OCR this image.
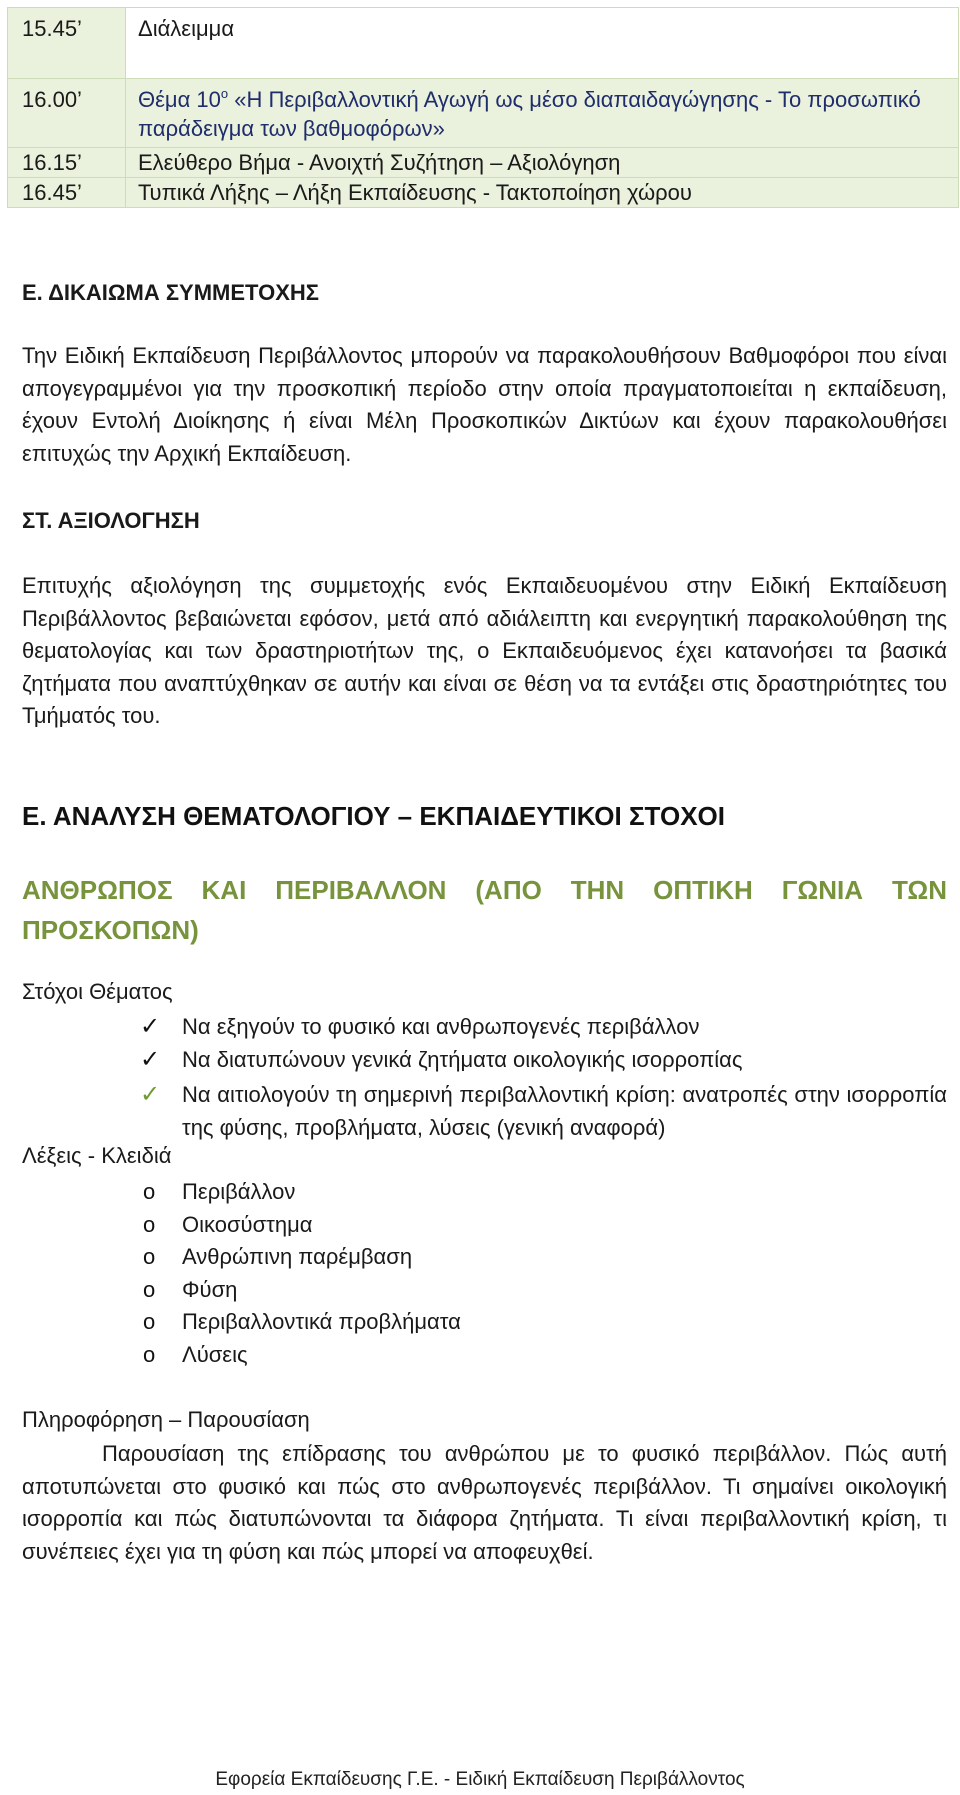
15.45’	Διάλειμμα
16.00’	Θέμα $10^o$ «Η Περιβαλλοντική Αγωγή ως μέσο διαπαιδαγώγησης - Το προσωπικό παράδειγμα των βαθμοφόρων»
16.15’	Ελεύθερο Βήμα - Ανοιχτή Συζήτηση – Αξιολόγηση
16.45’	Τυπικά Λήξης – Λήξη Εκπαίδευσης - Τακτοποίηση χώρου
Ε. ΔΙΚΑΙΩΜΑ ΣΥΜΜΕΤΟΧΗΣ
Την Ειδική Εκπαίδευση Περιβάλλοντος μπορούν να παρακολουθήσουν Βαθμοφόροι που είναι απογεγραμμένοι για την προσκοπική περίοδο στην οποία πραγματοποιείται η εκπαίδευση, έχουν Εντολή Διοίκησης ή είναι Μέλη Προσκοπικών Δικτύων και έχουν παρακολουθήσει επιτυχώς την Αρχική Εκπαίδευση.
ΣΤ. ΑΞΙΟΛΟΓΗΣΗ
Επιτυχής αξιολόγηση της συμμετοχής ενός Εκπαιδευομένου στην Ειδική Εκπαίδευση Περιβάλλοντος βεβαιώνεται εφόσον, μετά από αδιάλειπτη και ενεργητική παρακολούθηση της θεματολογίας και των δραστηριοτήτων της, ο Εκπαιδευόμενος έχει κατανοήσει τα βασικά ζητήματα που αναπτύχθηκαν σε αυτήν και είναι σε θέση να τα εντάξει στις δραστηριότητες του Τμήματός του.
Ε. ΑΝΑΛΥΣΗ ΘΕΜΑΤΟΛΟΓΙΟΥ – ΕΚΠΑΙΔΕΥΤΙΚΟΙ ΣΤΟΧΟΙ
ΑΝΘΡΩΠΟΣ ΚΑΙ ΠΕΡΙΒΑΛΛΟΝ (ΑΠΟ ΤΗΝ ΟΠΤΙΚΗ ΓΩΝΙΑ ΤΩΝ ΠΡΟΣΚΟΠΩΝ)
Στόχοι Θέματος
✓ Να εξηγούν το φυσικό και ανθρωπογενές περιβάλλον
✓ Να διατυπώνουν γενικά ζητήματα οικολογικής ισορροπίας
✓ Να αιτιολογούν τη σημερινή περιβαλλοντική κρίση: ανατροπές στην ισορροπία της φύσης, προβλήματα, λύσεις (γενική αναφορά)
Λέξεις - Κλειδιά
o Περιβάλλον
o Οικοσύστημα
o Ανθρώπινη παρέμβαση
o Φύση
o Περιβαλλοντικά προβλήματα
o Λύσεις
Πληροφόρηση – Παρουσίαση
Παρουσίαση της επίδρασης του ανθρώπου με το φυσικό περιβάλλον. Πώς αυτή αποτυπώνεται στο φυσικό και πώς στο ανθρωπογενές περιβάλλον. Τι σημαίνει οικολογική ισορροπία και πώς διατυπώνονται τα διάφορα ζητήματα. Τι είναι περιβαλλοντική κρίση, τι συνέπειες έχει για τη φύση και πώς μπορεί να αποφευχθεί.
Εφορεία Εκπαίδευσης Γ.Ε. - Ειδική Εκπαίδευση Περιβάλλοντος
